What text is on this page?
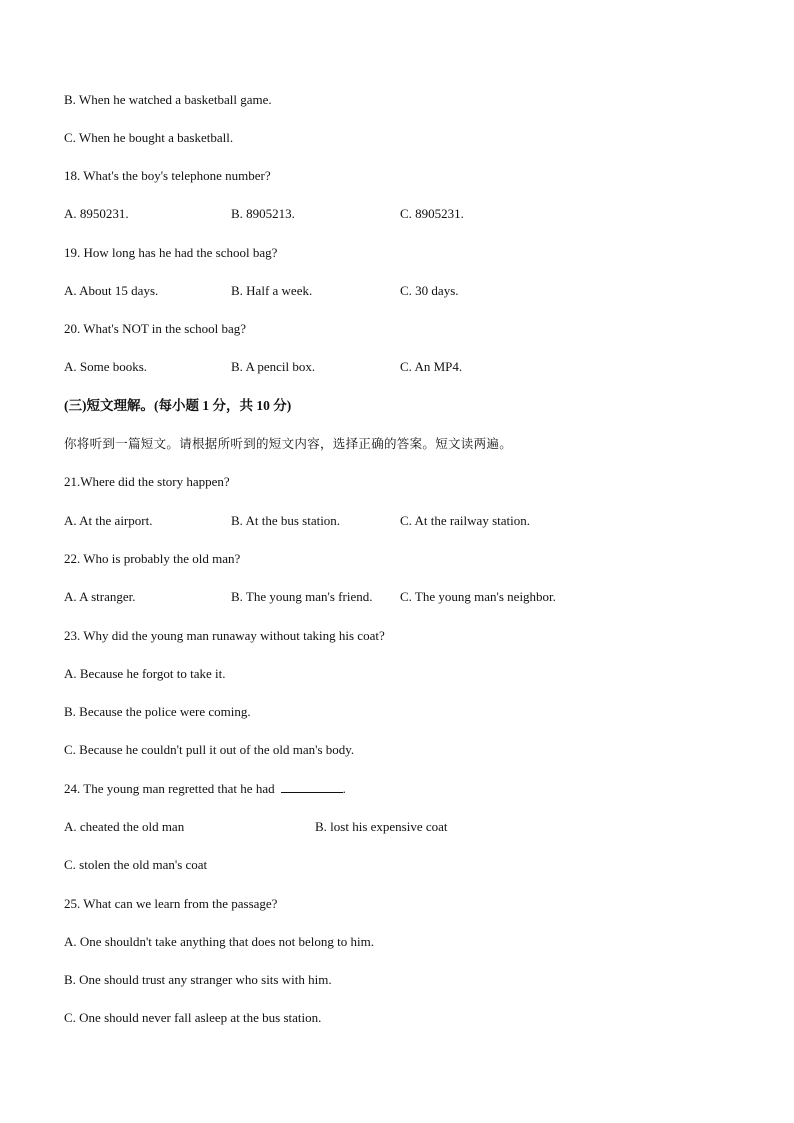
B. When he watched a basketball game.
C. When he bought a basketball.
18. What's the boy's telephone number?
A. 8950231.	B. 8905213.	C. 8905231.
19. How long has he had the school bag?
A. About 15 days.	B. Half a week.	C. 30 days.
20. What's NOT in the school bag?
A. Some books.	B. A pencil box.	C. An MP4.
(三)短文理解。(每小题 1 分，共 10 分)
你将听到一篇短文。请根据所听到的短文内容，选择正确的答案。短文读两遍。
21.Where did the story happen?
A. At the airport.	B. At the bus station.	C. At the railway station.
22. Who is probably the old man?
A. A stranger.	B. The young man's friend. C. The young man's neighbor.
23. Why did the young man runaway without taking his coat?
A. Because he forgot to take it.
B. Because the police were coming.
C. Because he couldn't pull it out of the old man's body.
24. The young man regretted that he had	.
A. cheated the old man	B. lost his expensive coat
C. stolen the old man's coat
25. What can we learn from the passage?
A. One shouldn't take anything that does not belong to him.
B. One should trust any stranger who sits with him.
C. One should never fall asleep at the bus station.
